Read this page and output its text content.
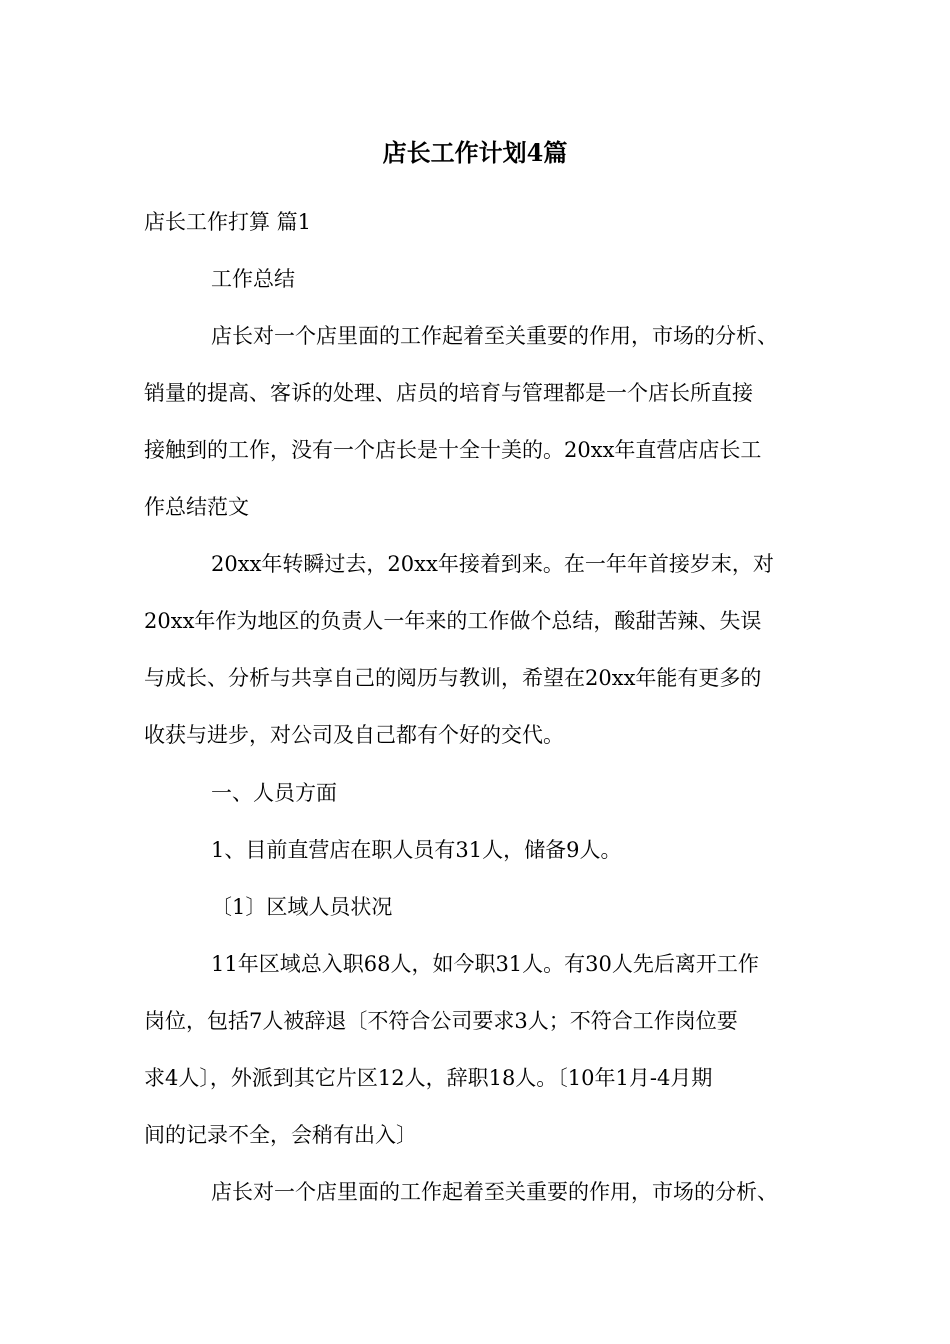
店长工作计划4篇

店长工作打算 篇1

工作总结

店长对一个店里面的工作起着至关重要的作用，市场的分析、

销量的提高、客诉的处理、店员的培育与管理都是一个店长所直接

接触到的工作，没有一个店长是十全十美的。20xx年直营店店长工

作总结范文

20xx年转瞬过去，20xx年接着到来。在一年年首接岁末，对

20xx年作为地区的负责人一年来的工作做个总结，酸甜苦辣、失误

与成长、分析与共享自己的阅历与教训，希望在20xx年能有更多的

收获与进步，对公司及自己都有个好的交代。

一、人员方面

1、目前直营店在职人员有31人，储备9人。

〔1〕区域人员状况

11年区域总入职68人，如今职31人。有30人先后离开工作

岗位，包括7人被辞退〔不符合公司要求3人；不符合工作岗位要

求4人〕，外派到其它片区12人，辞职18人。〔10年1月-4月期

间的记录不全，会稍有出入〕

店长对一个店里面的工作起着至关重要的作用，市场的分析、
